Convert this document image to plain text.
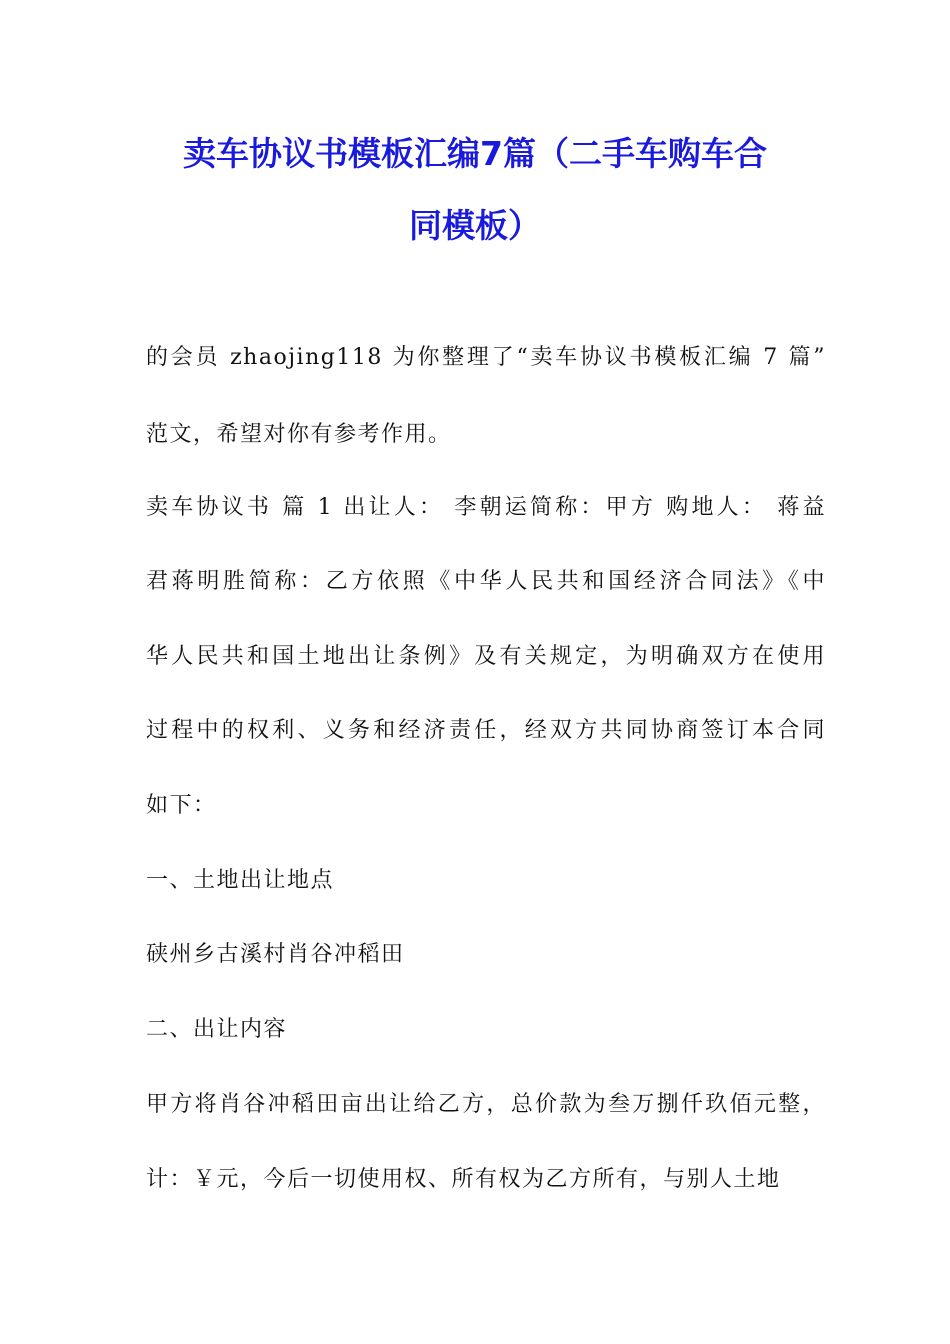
卖车协议书模板汇编7篇（二手车购车合
同模板）
的会员 zhaojing118 为你整理了“卖车协议书模板汇编 7 篇”
范文，希望对你有参考作用。
卖车协议书 篇 1 出让人： 李朝运简称：甲方 购地人： 蒋益
君蒋明胜简称：乙方依照《中华人民共和国经济合同法》《中
华人民共和国土地出让条例》及有关规定，为明确双方在使用
过程中的权利、义务和经济责任，经双方共同协商签订本合同
如下：
一、土地出让地点
硖州乡古溪村肖谷冲稻田
二、出让内容
甲方将肖谷冲稻田亩出让给乙方，总价款为叁万捌仟玖佰元整，
计：￥元，今后一切使用权、所有权为乙方所有，与别人土地
